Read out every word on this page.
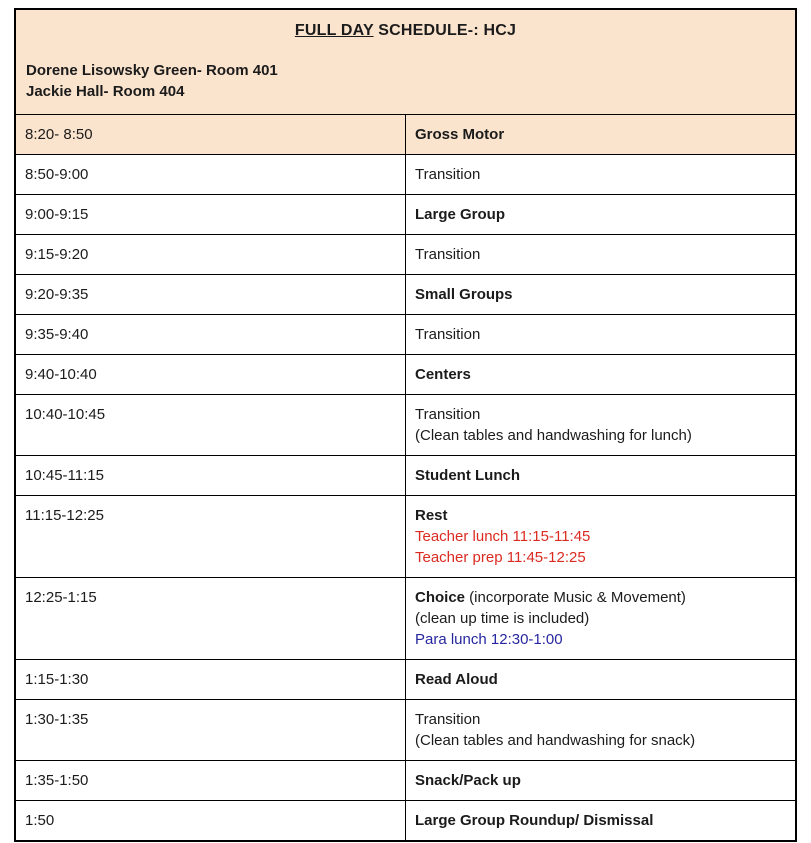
FULL DAY SCHEDULE-: HCJ
Dorene Lisowsky Green- Room 401
Jackie Hall- Room 404	

8:20- 8:50	Gross Motor

8:50-9:00	Transition

9:00-9:15	Large Group

9:15-9:20	Transition

9:20-9:35	Small Groups

9:35-9:40	Transition

9:40-10:40	Centers

10:40-10:45	Transition
(Clean tables and handwashing for lunch)

10:45-11:15	Student Lunch

11:15-12:25	Rest
Teacher lunch 11:15-11:45
Teacher prep 11:45-12:25

12:25-1:15	Choice (incorporate Music & Movement)
(clean up time is included)
Para lunch 12:30-1:00

1:15-1:30	Read Aloud

1:30-1:35	Transition
(Clean tables and handwashing for snack)

1:35-1:50	Snack/Pack up

1:50	Large Group Roundup/ Dismissal
